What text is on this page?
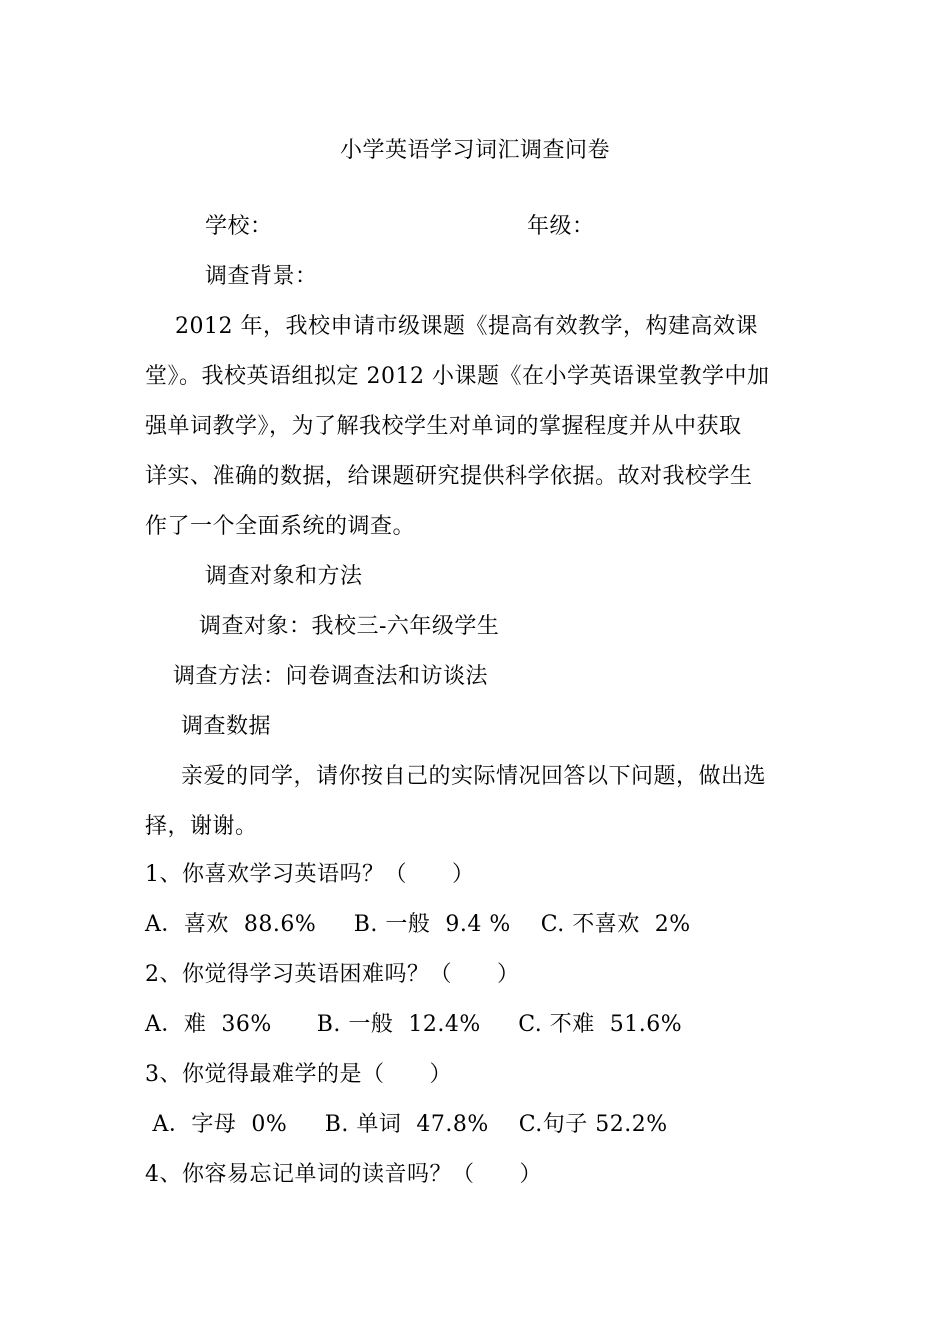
小学英语学习词汇调查问卷
学校：	年级：
调查背景：
2012 年，我校申请市级课题《提高有效教学，构建高效课
堂》。我校英语组拟定 2012 小课题《在小学英语课堂教学中加
强单词教学》，为了解我校学生对单词的掌握程度并从中获取
详实、准确的数据，给课题研究提供科学依据。故对我校学生
作了一个全面系统的调查。
调查对象和方法
调查对象：我校三-六年级学生
调查方法：问卷调查法和访谈法
调查数据
亲爱的同学，请你按自己的实际情况回答以下问题，做出选
择，谢谢。
1、你喜欢学习英语吗？（　　）
A．喜欢  88.6%     B. 一般  9.4 %    C. 不喜欢  2%
2、你觉得学习英语困难吗？（　　）
A．难  36%      B. 一般  12.4%     C. 不难  51.6%
3、你觉得最难学的是（　　）
A．字母  0%     B. 单词  47.8%    C.句子 52.2%
4、你容易忘记单词的读音吗？（　　）
